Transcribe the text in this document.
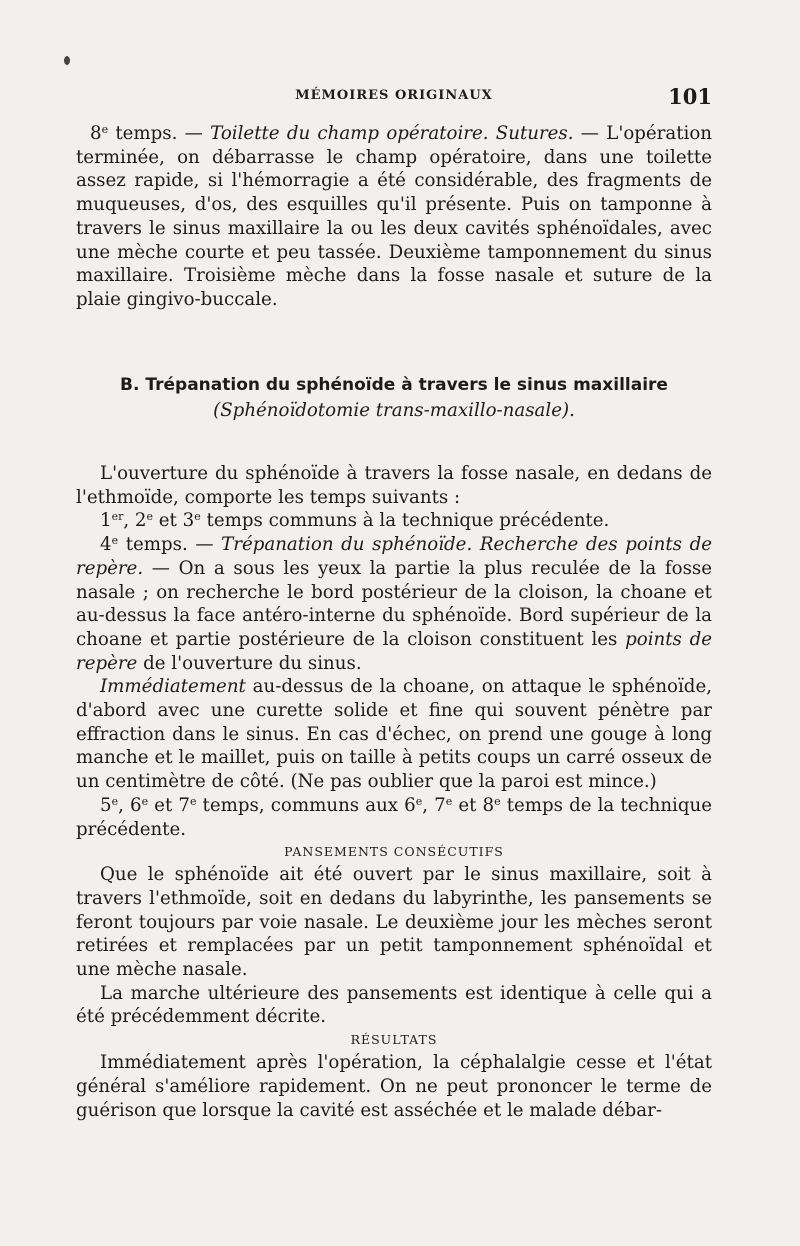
MÉMOIRES ORIGINAUX	101

8e temps. — Toilette du champ opératoire. Sutures. — L'opération terminée, on débarrasse le champ opératoire, dans une toilette assez rapide, si l'hémorragie a été considérable, des fragments de muqueuses, d'os, des esquilles qu'il présente. Puis on tamponne à travers le sinus maxillaire la ou les deux cavités sphénoïdales, avec une mèche courte et peu tassée. Deuxième tamponnement du sinus maxillaire. Troisième mèche dans la fosse nasale et suture de la plaie gingivo-buccale.

B. Trépanation du sphénoïde à travers le sinus maxillaire
(Sphénoïdotomie trans-maxillo-nasale).

L'ouverture du sphénoïde à travers la fosse nasale, en dedans de l'ethmoïde, comporte les temps suivants :

1er, 2e et 3e temps communs à la technique précédente.

4e temps. — Trépanation du sphénoïde. Recherche des points de repère. — On a sous les yeux la partie la plus reculée de la fosse nasale ; on recherche le bord postérieur de la cloison, la choane et au-dessus la face antéro-interne du sphénoïde. Bord supérieur de la choane et partie postérieure de la cloison constituent les points de repère de l'ouverture du sinus.

Immédiatement au-dessus de la choane, on attaque le sphénoïde, d'abord avec une curette solide et fine qui souvent pénètre par effraction dans le sinus. En cas d'échec, on prend une gouge à long manche et le maillet, puis on taille à petits coups un carré osseux de un centimètre de côté. (Ne pas oublier que la paroi est mince.)

5e, 6e et 7e temps, communs aux 6e, 7e et 8e temps de la technique précédente.

PANSEMENTS CONSÉCUTIFS

Que le sphénoïde ait été ouvert par le sinus maxillaire, soit à travers l'ethmoïde, soit en dedans du labyrinthe, les pansements se feront toujours par voie nasale. Le deuxième jour les mèches seront retirées et remplacées par un petit tamponnement sphénoïdal et une mèche nasale.

La marche ultérieure des pansements est identique à celle qui a été précédemment décrite.

RÉSULTATS

Immédiatement après l'opération, la céphalalgie cesse et l'état général s'améliore rapidement. On ne peut prononcer le terme de guérison que lorsque la cavité est asséchée et le malade débar-
